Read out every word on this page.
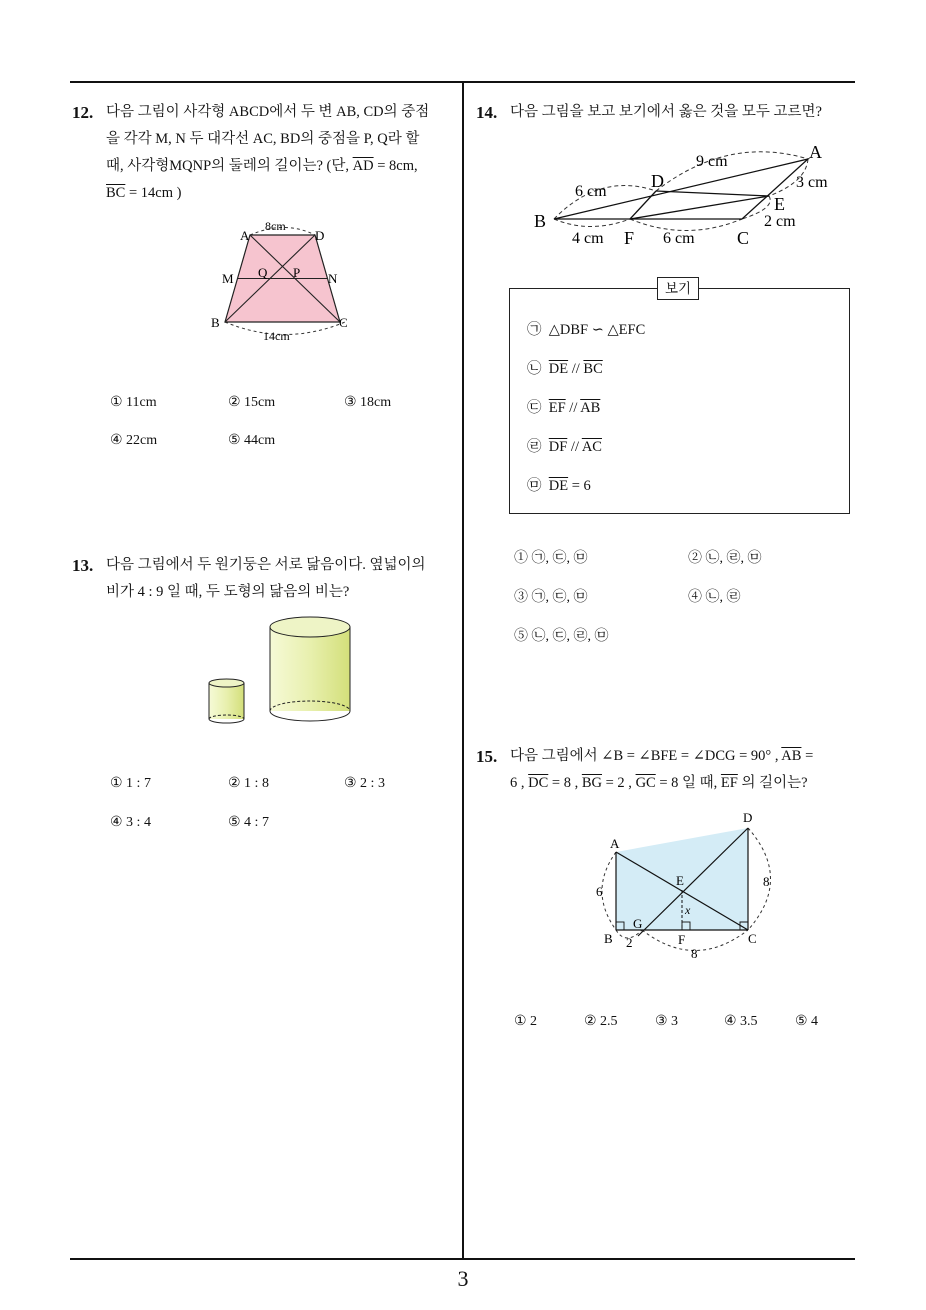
3
12. 다음 그림이 사각형 ABCD에서 두 변 AB, CD의 중점
을 각각 M, N 두 대각선 AC, BD의 중점을 P, Q라 할
때, 사각형MQNP의 둘레의 길이는? (단, $\overline{AD} = 8cm$,
$\overline{BC} = 14cm$ )
A	D
M Q P N
B	C
8cm
14cm
① 11cm	② 15cm	③ 18cm
④ 22cm	⑤ 44cm
13. 다음 그림에서 두 원기둥은 서로 닮음이다. 옆넓이의
비가 4 : 9 일 때, 두 도형의 닮음의 비는?
① 1 : 7	② 1 : 8	③ 2 : 3
④ 3 : 4	⑤ 4 : 7
14. 다음 그림을 보고 보기에서 옳은 것을 모두 고르면?
A
B
C
D
E
F
6 cm
9 cm
3 cm
2 cm
4 cm	6 cm
보기
㉠ △DBF ∽ △EFC
㉡ $\overline{DE} // \overline{BC}$
㉢ $\overline{EF} // \overline{AB}$
㉣ $\overline{DF} // \overline{AC}$
㉤ $\overline{DE} = 6$
① ㉠, ㉢, ㉤	② ㉡, ㉣, ㉤
③ ㉠, ㉢, ㉤	④ ㉡, ㉣
⑤ ㉡, ㉢, ㉣, ㉤
15. 다음 그림에서 ∠B = ∠BFE = ∠DCG = 90° , $\overline{AB}$ =
6 , $\overline{DC} = 8$ , $\overline{BG} = 2$ , $\overline{GC} = 8$ 일 때, $\overline{EF}$ 의 길이는?
A
B	C
D
E
F
G
x
6
8
2
8
① 2	② 2.5	③ 3	④ 3.5	⑤ 4
